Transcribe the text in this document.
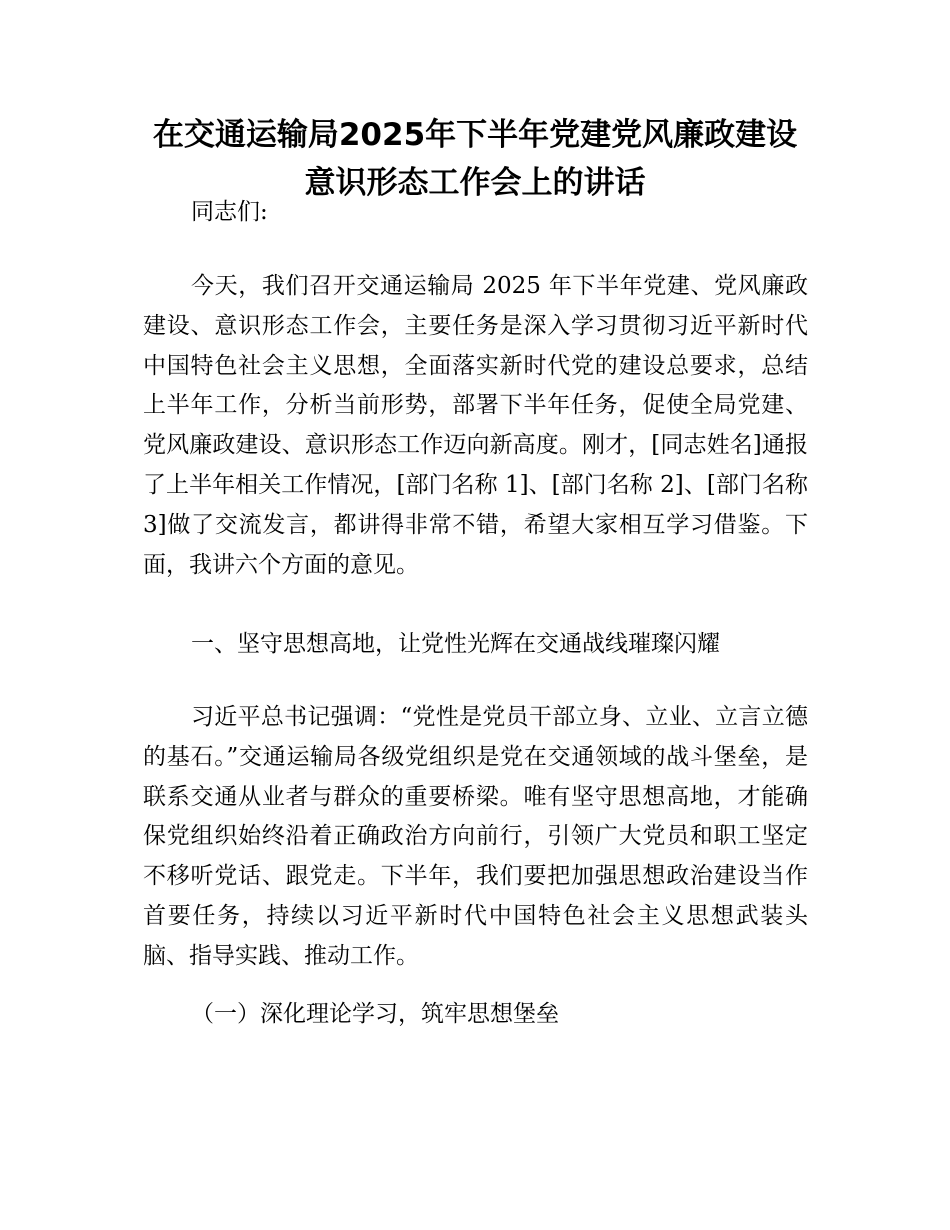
在交通运输局2025年下半年党建党风廉政建设
意识形态工作会上的讲话

同志们:

今天，我们召开交通运输局 2025 年下半年党建、党风廉政建设、意识形态工作会，主要任务是深入学习贯彻习近平新时代中国特色社会主义思想，全面落实新时代党的建设总要求，总结上半年工作，分析当前形势，部署下半年任务，促使全局党建、党风廉政建设、意识形态工作迈向新高度。刚才，[同志姓名]通报了上半年相关工作情况，[部门名称 1]、[部门名称 2]、[部门名称 3]做了交流发言，都讲得非常不错，希望大家相互学习借鉴。下面，我讲六个方面的意见。

一、坚守思想高地，让党性光辉在交通战线璀璨闪耀

习近平总书记强调：“党性是党员干部立身、立业、立言立德的基石。”交通运输局各级党组织是党在交通领域的战斗堡垒，是联系交通从业者与群众的重要桥梁。唯有坚守思想高地，才能确保党组织始终沿着正确政治方向前行，引领广大党员和职工坚定不移听党话、跟党走。下半年，我们要把加强思想政治建设当作首要任务，持续以习近平新时代中国特色社会主义思想武装头脑、指导实践、推动工作。

（一）深化理论学习，筑牢思想堡垒
